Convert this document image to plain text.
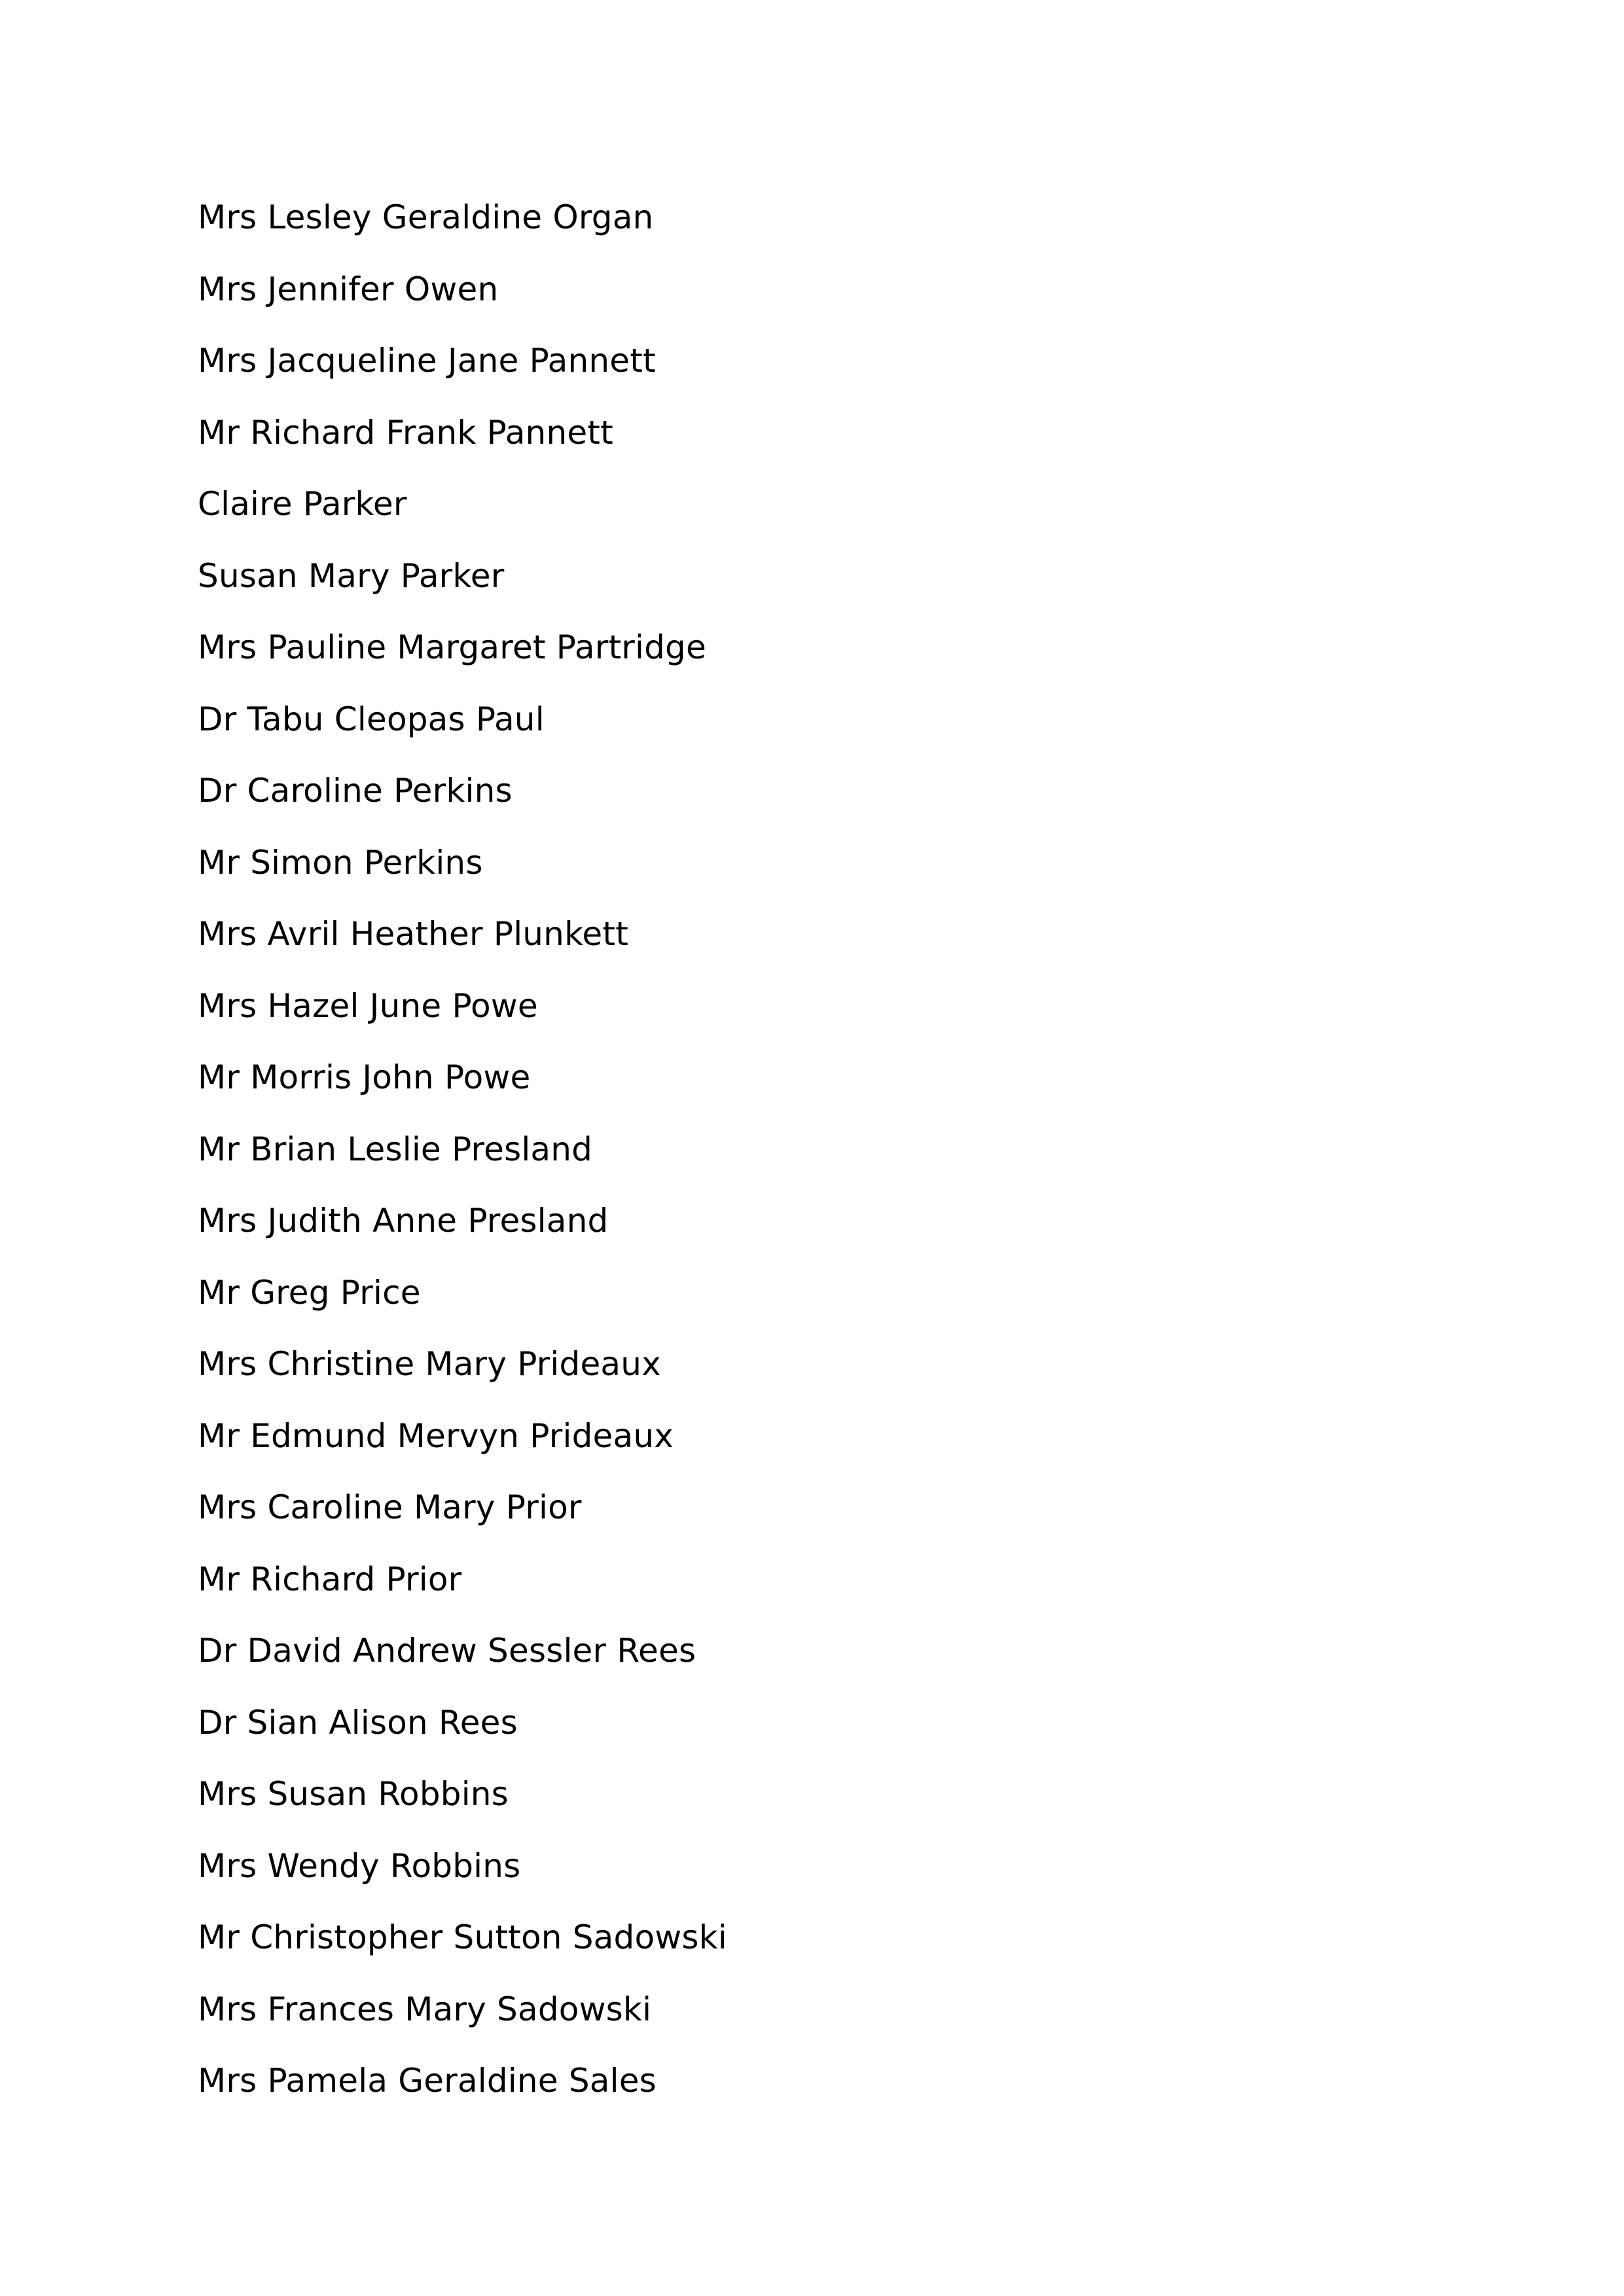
Mrs Lesley Geraldine Organ
Mrs Jennifer Owen
Mrs Jacqueline Jane Pannett
Mr Richard Frank Pannett
Claire Parker
Susan Mary Parker
Mrs Pauline Margaret Partridge
Dr Tabu Cleopas Paul
Dr Caroline Perkins
Mr Simon Perkins
Mrs Avril Heather Plunkett
Mrs Hazel June Powe
Mr Morris John Powe
Mr Brian Leslie Presland
Mrs Judith Anne Presland
Mr Greg Price
Mrs Christine Mary Prideaux
Mr Edmund Mervyn Prideaux
Mrs Caroline Mary Prior
Mr Richard Prior
Dr David Andrew Sessler Rees
Dr Sian Alison Rees
Mrs Susan Robbins
Mrs Wendy Robbins
Mr Christopher Sutton Sadowski
Mrs Frances Mary Sadowski
Mrs Pamela Geraldine Sales
